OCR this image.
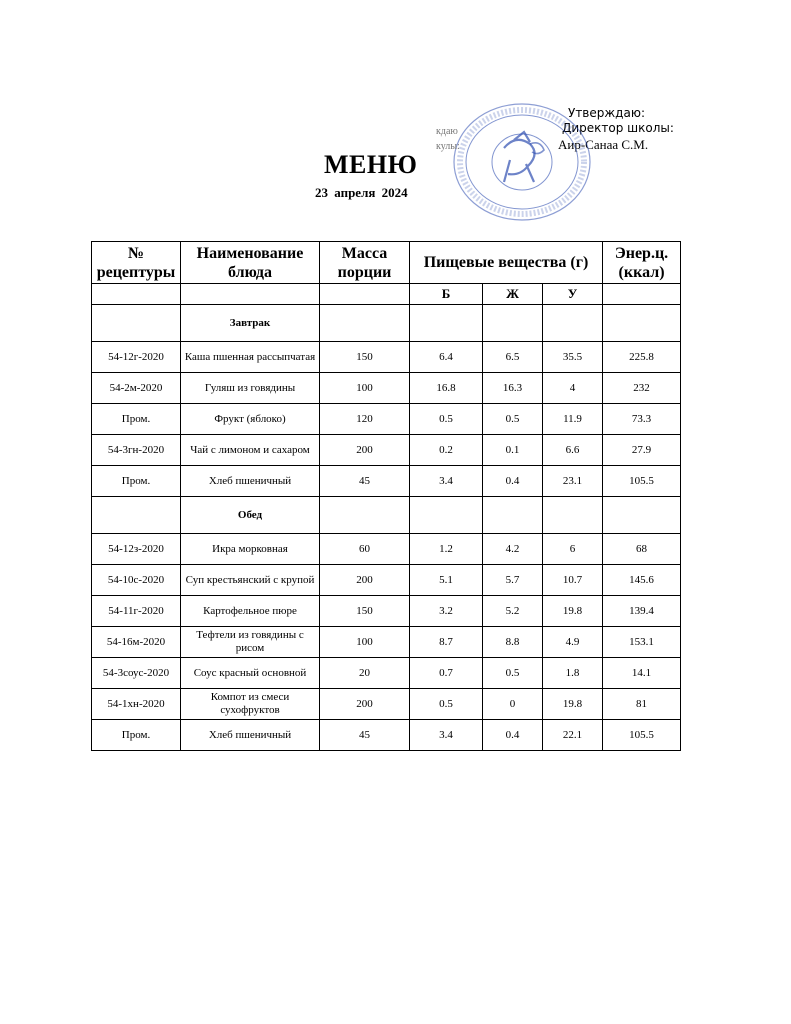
Утверждаю:
Директор школы:
Аир-Санаа С.М.
кдаю
кулы:
МЕНЮ
23 апреля 2024
№ рецептуры	Наименование блюда	Масса порции	Пищевые вещества (г)			Энер.ц. (ккал)
			Б	Ж	У	
	Завтрак					
54-12г-2020	Каша пшенная рассыпчатая	150	6.4	6.5	35.5	225.8
54-2м-2020	Гуляш из говядины	100	16.8	16.3	4	232
Пром.	Фрукт (яблоко)	120	0.5	0.5	11.9	73.3
54-3гн-2020	Чай с лимоном и сахаром	200	0.2	0.1	6.6	27.9
Пром.	Хлеб пшеничный	45	3.4	0.4	23.1	105.5
	Обед					
54-12з-2020	Икра морковная	60	1.2	4.2	6	68
54-10с-2020	Суп крестьянский с крупой	200	5.1	5.7	10.7	145.6
54-11г-2020	Картофельное пюре	150	3.2	5.2	19.8	139.4
54-16м-2020	Тефтели из говядины с рисом	100	8.7	8.8	4.9	153.1
54-3соус-2020	Соус красный основной	20	0.7	0.5	1.8	14.1
54-1хн-2020	Компот из смеси сухофруктов	200	0.5	0	19.8	81
Пром.	Хлеб пшеничный	45	3.4	0.4	22.1	105.5
